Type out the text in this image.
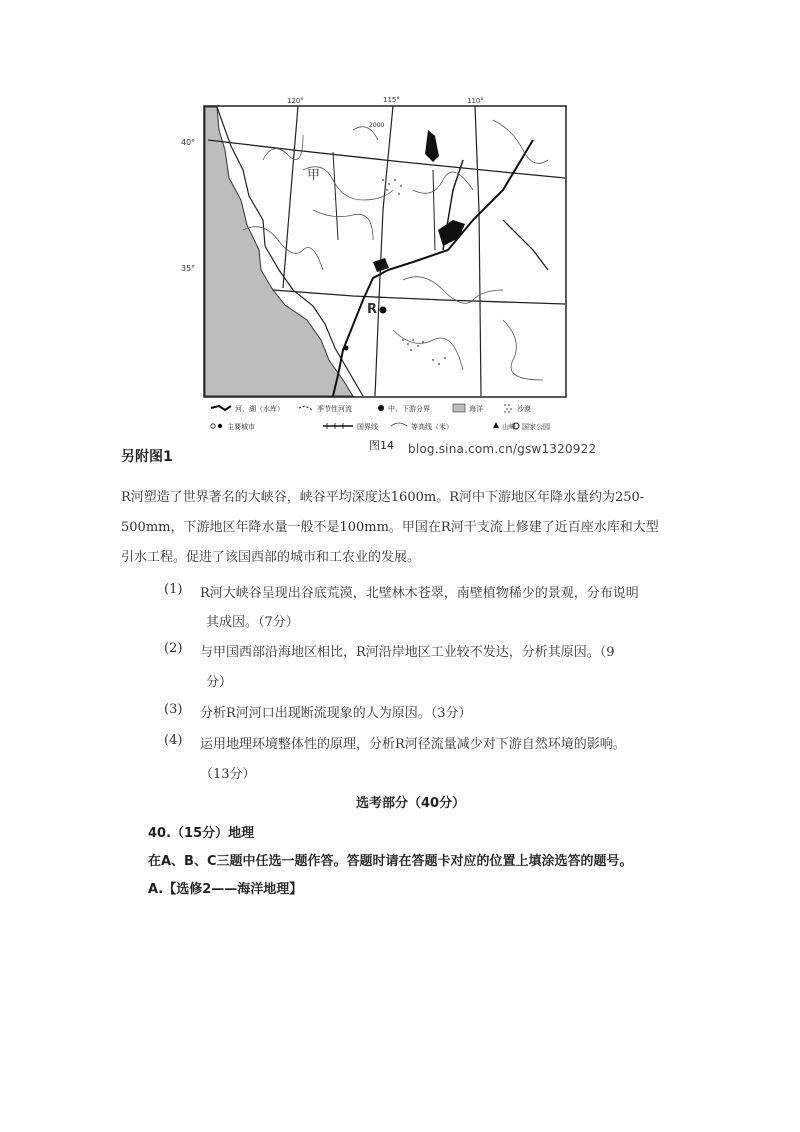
120°	115°	110°
40°
35°
甲
R
2000
河、湖（水库）	季节性河流	中、下游分界	海洋	沙漠
主要城市	国界线	等高线（米）	山峰 国家公园
图14 blog.sina.com.cn/gsw1320922
另附图1
R河塑造了世界著名的大峡谷，峡谷平均深度达1600m。R河中下游地区年降水量约为250-
500mm，下游地区年降水量一般不是100mm。甲国在R河干支流上修建了近百座水库和大型
引水工程。促进了该国西部的城市和工农业的发展。
(1) R河大峡谷呈现出谷底荒漠，北壁林木苍翠，南壁植物稀少的景观，分布说明
其成因。（7分）
(2) 与甲国西部沿海地区相比，R河沿岸地区工业较不发达，分析其原因。（9
分）
(3) 分析R河河口出现断流现象的人为原因。（3分）
(4) 运用地理环境整体性的原理，分析R河径流量减少对下游自然环境的影响。
（13分）
选考部分（40分）
40.（15分）地理
在A、B、C三题中任选一题作答。答题时请在答题卡对应的位置上填涂选答的题号。
A.【选修2——海洋地理】
